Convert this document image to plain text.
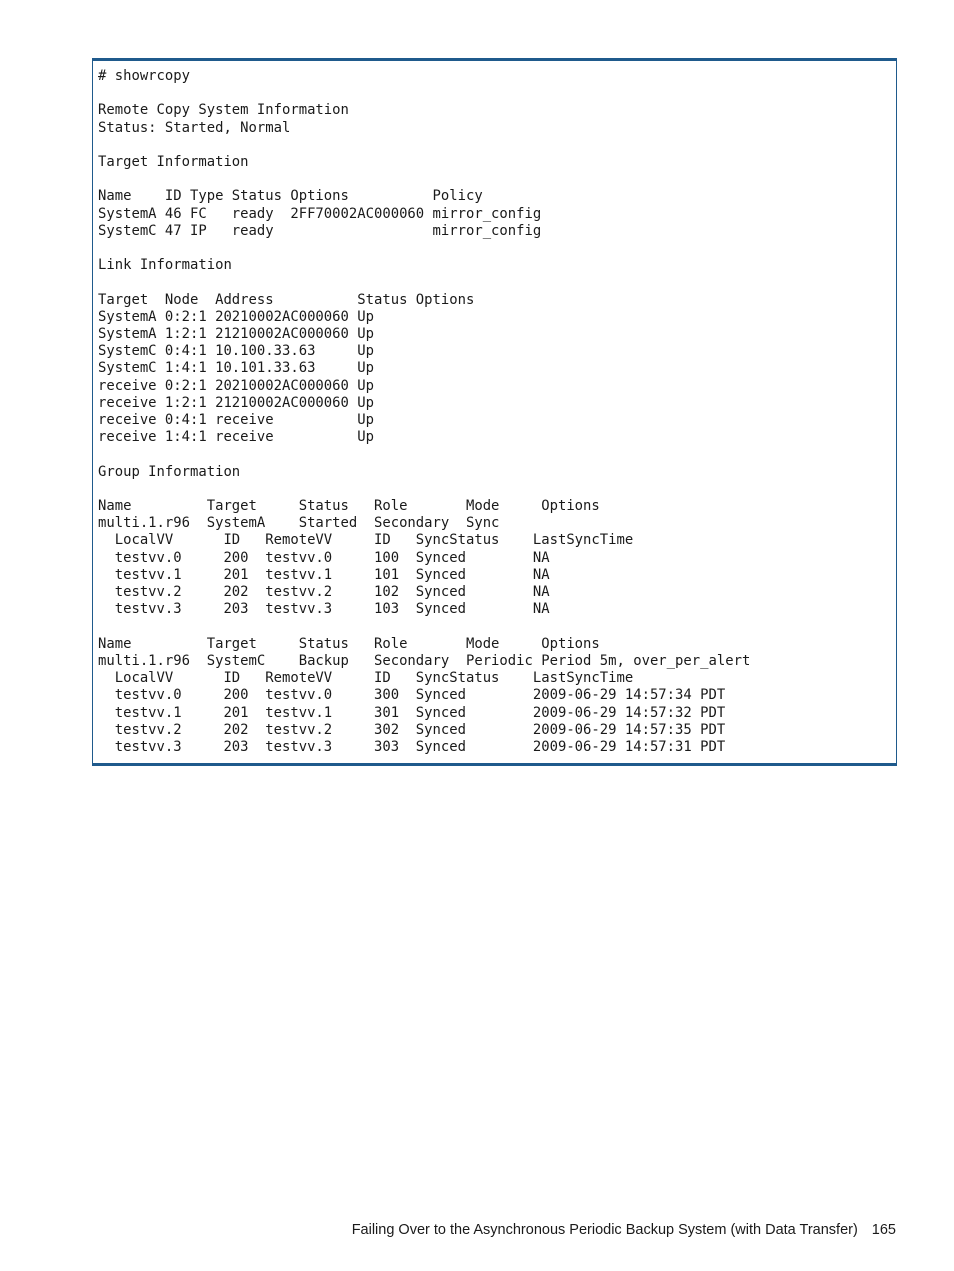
# showrcopy

Remote Copy System Information
Status: Started, Normal

Target Information

Name    ID Type Status Options          Policy
SystemA 46 FC   ready  2FF70002AC000060 mirror_config
SystemC 47 IP   ready                   mirror_config

Link Information

Target  Node  Address          Status Options
SystemA 0:2:1 20210002AC000060 Up
SystemA 1:2:1 21210002AC000060 Up
SystemC 0:4:1 10.100.33.63     Up
SystemC 1:4:1 10.101.33.63     Up
receive 0:2:1 20210002AC000060 Up
receive 1:2:1 21210002AC000060 Up
receive 0:4:1 receive          Up
receive 1:4:1 receive          Up

Group Information

Name         Target     Status   Role       Mode     Options
multi.1.r96  SystemA    Started  Secondary  Sync
LocalVV      ID   RemoteVV     ID   SyncStatus    LastSyncTime
testvv.0     200  testvv.0     100  Synced        NA
testvv.1     201  testvv.1     101  Synced        NA
testvv.2     202  testvv.2     102  Synced        NA
testvv.3     203  testvv.3     103  Synced        NA

Name         Target     Status   Role       Mode     Options
multi.1.r96  SystemC    Backup   Secondary  Periodic Period 5m, over_per_alert
LocalVV      ID   RemoteVV     ID   SyncStatus    LastSyncTime
testvv.0     200  testvv.0     300  Synced        2009-06-29 14:57:34 PDT
testvv.1     201  testvv.1     301  Synced        2009-06-29 14:57:32 PDT
testvv.2     202  testvv.2     302  Synced        2009-06-29 14:57:35 PDT
testvv.3     203  testvv.3     303  Synced        2009-06-29 14:57:31 PDT
Failing Over to the Asynchronous Periodic Backup System (with Data Transfer) 165
